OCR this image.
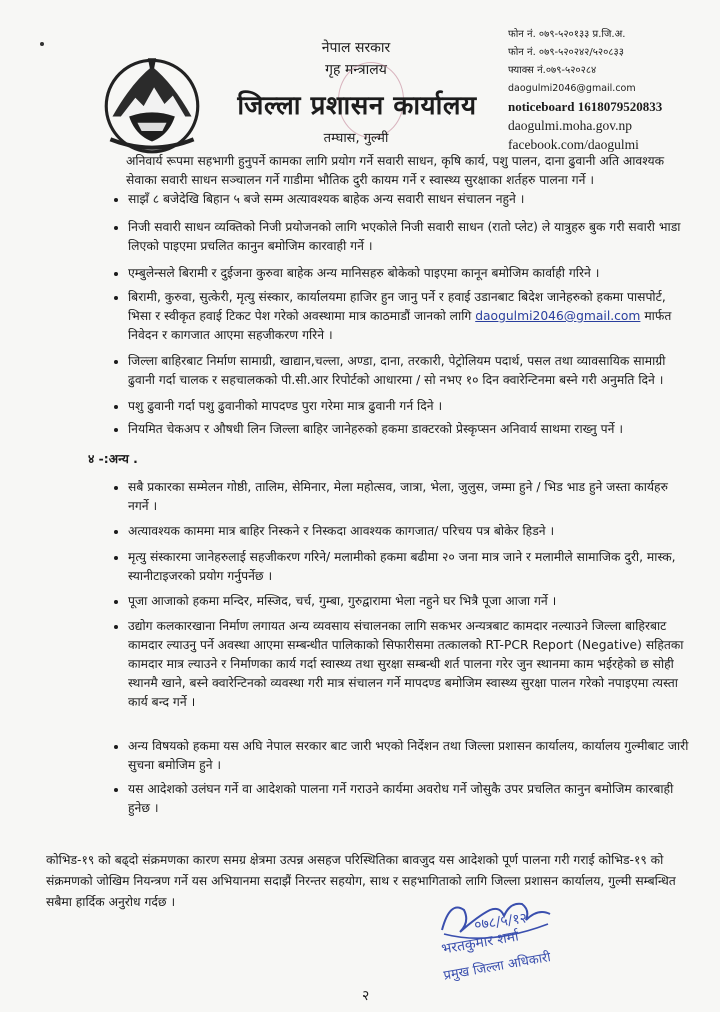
नेपाल सरकार
गृह मन्त्रालय
जिल्ला प्रशासन कार्यालय
तम्घास, गुल्मी
फोन नं. ०७९-५२०१३३ प्र.जि.अ.
फोन नं. ०७९-५२०२४२/५२०८३३
फ्याक्स नं.०७९-५२०२८४
daogulmi2046@gmail.com
noticeboard 1618079520833
daogulmi.moha.gov.np
facebook.com/daogulmi
अनिवार्य रूपमा सहभागी हुनुपर्ने कामका लागि प्रयोग गर्ने सवारी साधन, कृषि कार्य, पशु पालन, दाना ढुवानी अति आवश्यक सेवाका सवारी साधन सञ्चालन गर्ने गाडीमा भौतिक दुरी कायम गर्ने र स्वास्थ्य सुरक्षाका शर्तहरु पालना गर्ने ।
साझँ ८ बजेदेखि बिहान ५ बजे सम्म अत्यावश्यक बाहेक अन्य सवारी साधन संचालन नहुने ।
निजी सवारी साधन व्यक्तिको निजी प्रयोजनको लागि भएकोले निजी सवारी साधन (रातो प्लेट) ले यात्रुहरु बुक गरी सवारी भाडा लिएको पाइएमा प्रचलित कानुन बमोजिम कारवाही गर्ने ।
एम्बुलेन्सले बिरामी र दुईजना कुरुवा बाहेक अन्य मानिसहरु बोकेको पाइएमा कानून बमोजिम कार्वाही गरिने ।
बिरामी, कुरुवा, सुत्केरी, मृत्यु संस्कार, कार्यालयमा हाजिर हुन जानु पर्ने र हवाई उडानबाट बिदेश जानेहरुको हकमा पासपोर्ट, भिसा र स्वीकृत हवाई टिकट पेश गरेको अवस्थामा मात्र काठमाडौं जानको लागि daogulmi2046@gmail.com मार्फत निवेदन र कागजात आएमा सहजीकरण गरिने ।
जिल्ला बाहिरबाट निर्माण सामाग्री, खाद्यान,चल्ला, अण्डा, दाना, तरकारी, पेट्रोलियम पदार्थ, पसल तथा व्यावसायिक सामाग्री ढुवानी गर्दा चालक र सहचालकको पी.सी.आर रिपोर्टको आधारमा / सो नभए १० दिन क्वारेन्टिनमा बस्ने गरी अनुमति दिने ।
पशु ढुवानी गर्दा पशु ढुवानीको मापदण्ड पुरा गरेमा मात्र ढुवानी गर्न दिने ।
नियमित चेकअप र औषधी लिन जिल्ला बाहिर जानेहरुको हकमा डाक्टरको प्रेस्कृप्सन अनिवार्य साथमा राख्नु पर्ने ।
४ -:अन्य .
सबै प्रकारका सम्मेलन गोष्ठी, तालिम, सेमिनार, मेला महोत्सव, जात्रा, भेला, जुलुस, जम्मा हुने / भिड भाड हुने जस्ता कार्यहरु नगर्ने ।
अत्यावश्यक काममा मात्र बाहिर निस्कने र निस्कदा आवश्यक कागजात/ परिचय पत्र बोकेर हिडने ।
मृत्यु संस्कारमा जानेहरुलाई सहजीकरण गरिने/ मलामीको हकमा बढीमा २० जना मात्र जाने र मलामीले सामाजिक दुरी, मास्क, स्यानीटाइजरको प्रयोग गर्नुपर्नेछ ।
पूजा आजाको हकमा मन्दिर, मस्जिद, चर्च, गुम्बा, गुरुद्वारामा भेला नहुने घर भित्रै पूजा आजा गर्ने ।
उद्योग कलकारखाना निर्माण लगायत अन्य व्यवसाय संचालनका लागि सकभर अन्यत्रबाट कामदार नल्याउने जिल्ला बाहिरबाट कामदार ल्याउनु पर्ने अवस्था आएमा सम्बन्धीत पालिकाको सिफारीसमा तत्कालको RT-PCR Report (Negative) सहितका कामदार मात्र ल्याउने र निर्माणका कार्य गर्दा स्वास्थ्य तथा सुरक्षा सम्बन्धी शर्त पालना गरेर जुन स्थानमा काम भईरहेको छ सोही स्थानमै खाने, बस्ने क्वारेन्टिनको व्यवस्था गरी मात्र संचालन गर्ने मापदण्ड बमोजिम स्वास्थ्य सुरक्षा पालन गरेको नपाइएमा त्यस्ता कार्य बन्द गर्ने ।
अन्य विषयको हकमा यस अघि नेपाल सरकार बाट जारी भएको निर्देशन तथा जिल्ला प्रशासन कार्यालय, कार्यालय गुल्मीबाट जारी सुचना बमोजिम हुने ।
यस आदेशको उलंघन गर्ने वा आदेशको पालना गर्ने गराउने कार्यमा अवरोध गर्ने जोसुकै उपर प्रचलित कानुन बमोजिम कारबाही हुनेछ ।
कोभिड-१९ को बढ्दो संक्रमणका कारण समग्र क्षेत्रमा उत्पन्न असहज परिस्थितिका बावजुद यस आदेशको पूर्ण पालना गरी गराई कोभिड-१९ को संक्रमणको जोखिम नियन्त्रण गर्ने यस अभियानमा सदाझैं निरन्तर सहयोग, साथ र सहभागिताको लागि जिल्ला प्रशासन कार्यालय, गुल्मी सम्बन्धित सबैमा हार्दिक अनुरोध गर्दछ ।
०७८/५/१२
भरतकुमार शर्मा
प्रमुख जिल्ला अधिकारी
२
